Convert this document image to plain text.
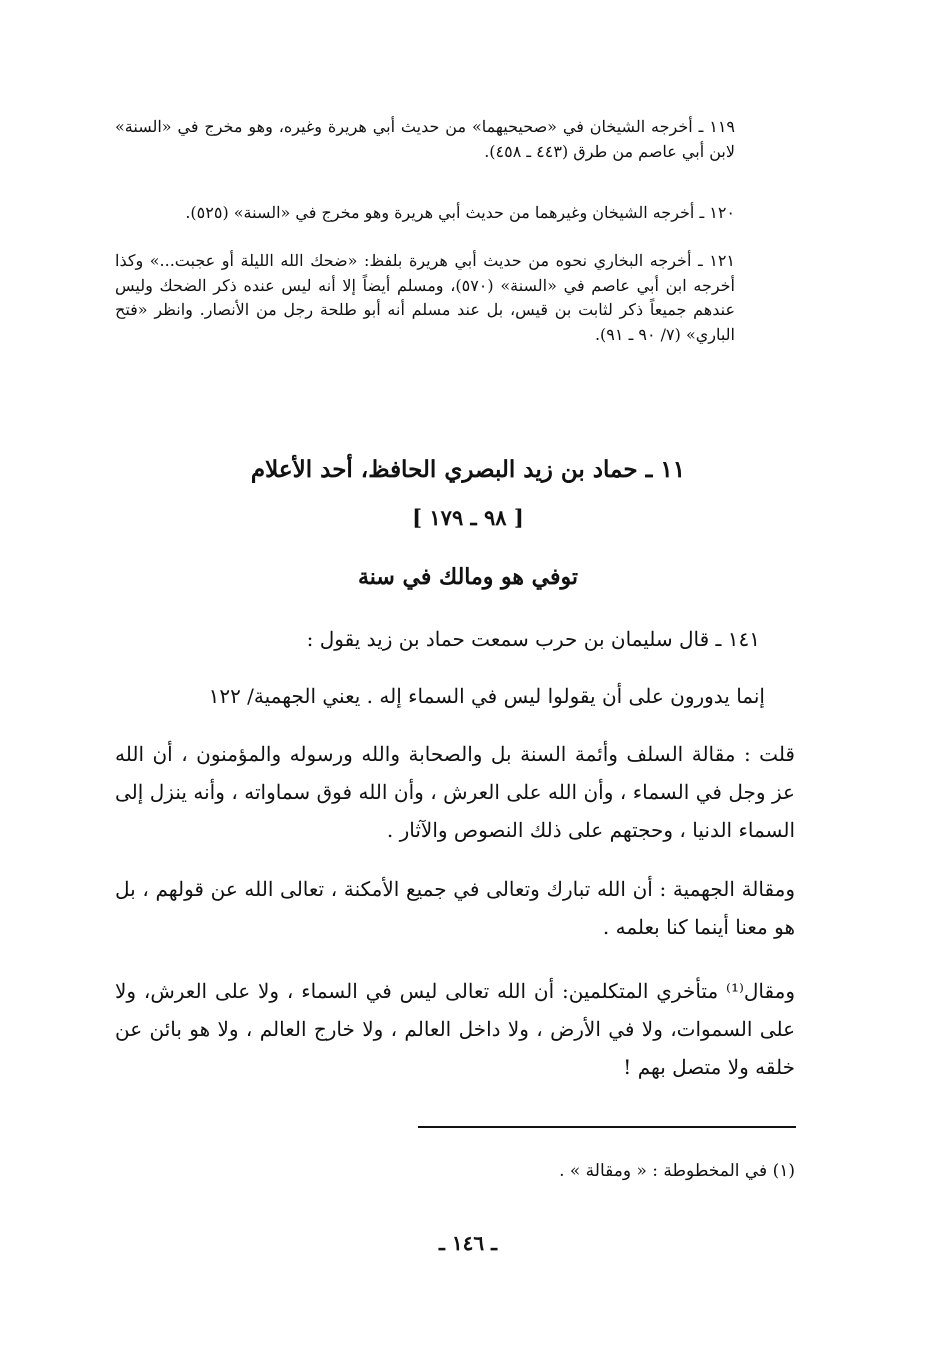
١١٩ ـ أخرجه الشيخان في «صحيحيهما» من حديث أبي هريرة وغيره، وهو مخرج في «السنة» لابن أبي عاصم من طرق (٤٤٣ ـ ٤٥٨).

١٢٠ ـ أخرجه الشيخان وغيرهما من حديث أبي هريرة وهو مخرج في «السنة» (٥٢٥).

١٢١ ـ أخرجه البخاري نحوه من حديث أبي هريرة بلفظ: «ضحك الله الليلة أو عجبت...» وكذا أخرجه ابن أبي عاصم في «السنة» (٥٧٠)، ومسلم أيضاً إلا أنه ليس عنده ذكر الضحك وليس عندهم جميعاً ذكر لثابت بن قيس، بل عند مسلم أنه أبو طلحة رجل من الأنصار. وانظر «فتح الباري» (٧/ ٩٠ ـ ٩١).

١١ ـ حماد بن زيد البصري الحافظ، أحد الأعلام
[ ٩٨ ـ ١٧٩ ]
توفي هو ومالك في سنة

١٤١ ـ قال سليمان بن حرب سمعت حماد بن زيد يقول :

إنما يدورون على أن يقولوا ليس في السماء إله . يعني الجهمية/ ١٢٢

قلت : مقالة السلف وأئمة السنة بل والصحابة والله ورسوله والمؤمنون ، أن الله عز وجل في السماء ، وأن الله على العرش ، وأن الله فوق سماواته ، وأنه ينزل إلى السماء الدنيا ، وحجتهم على ذلك النصوص والآثار .

ومقالة الجهمية : أن الله تبارك وتعالى في جميع الأمكنة ، تعالى الله عن قولهم ، بل هو معنا أينما كنا بعلمه .

ومقال⁽¹⁾ متأخري المتكلمين: أن الله تعالى ليس في السماء ، ولا على العرش، ولا على السموات، ولا في الأرض ، ولا داخل العالم ، ولا خارج العالم ، ولا هو بائن عن خلقه ولا متصل بهم !

(١) في المخطوطة : « ومقالة » .

ـ ١٤٦ ـ
